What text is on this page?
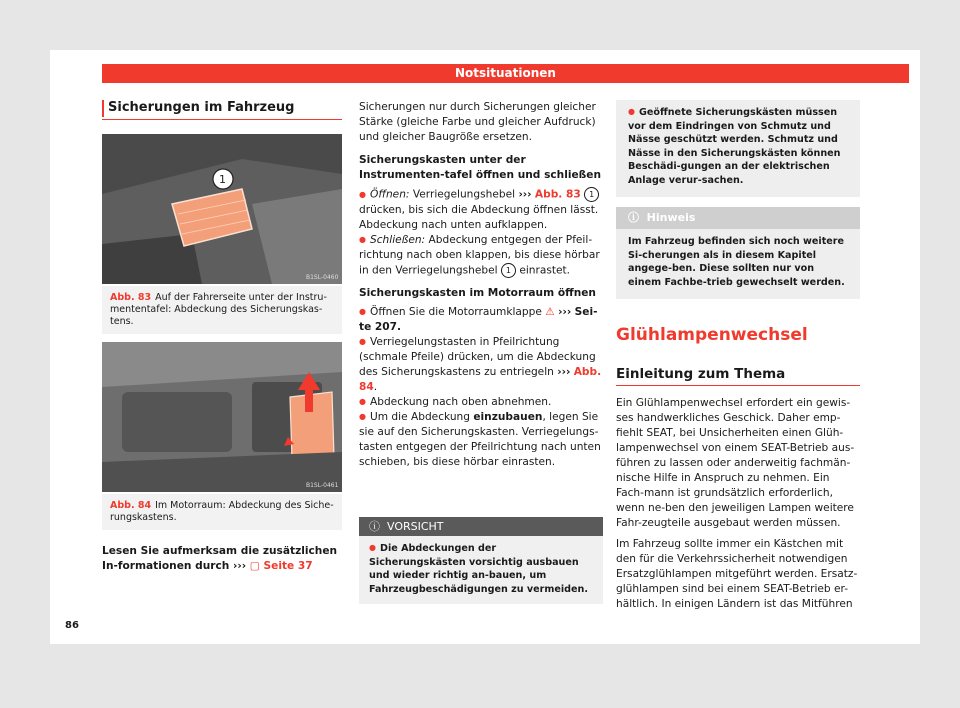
Notsituationen
Sicherungen im Fahrzeug
1
B1SL-0460
Abb. 83 Auf der Fahrerseite unter der Instru-mententafel: Abdeckung des Sicherungskas-tens.
B1SL-0461
Abb. 84 Im Motorraum: Abdeckung des Siche-rungskastens.
Lesen Sie aufmerksam die zusätzlichen In-formationen durch ››› ▢ Seite 37

Sicherungen nur durch Sicherungen gleicher Stärke (gleiche Farbe und gleicher Aufdruck) und gleicher Baugröße ersetzen.

Sicherungskasten unter der Instrumenten-tafel öffnen und schließen

● Öffnen: Verriegelungshebel ››› Abb. 83 1 drücken, bis sich die Abdeckung öffnen lässt. Abdeckung nach unten aufklappen.

● Schließen: Abdeckung entgegen der Pfeil-richtung nach oben klappen, bis diese hörbar in den Verriegelungshebel 1 einrastet.

Sicherungskasten im Motorraum öffnen

● Öffnen Sie die Motorraumklappe ⚠ ››› Sei-te 207.

● Verriegelungstasten in Pfeilrichtung (schmale Pfeile) drücken, um die Abdeckung des Sicherungskastens zu entriegeln ››› Abb. 84.

● Abdeckung nach oben abnehmen.

● Um die Abdeckung einzubauen, legen Sie sie auf den Sicherungskasten. Verriegelungs-tasten entgegen der Pfeilrichtung nach unten schieben, bis diese hörbar einrasten.

ⓘ VORSICHT
● Die Abdeckungen der Sicherungskästen vorsichtig ausbauen und wieder richtig an-bauen, um Fahrzeugbeschädigungen zu vermeiden.
● Geöffnete Sicherungskästen müssen vor dem Eindringen von Schmutz und Nässe geschützt werden. Schmutz und Nässe in den Sicherungskästen können Beschädi-gungen an der elektrischen Anlage verur-sachen.
ⓘ Hinweis
Im Fahrzeug befinden sich noch weitere Si-cherungen als in diesem Kapitel angege-ben. Diese sollten nur von einem Fachbe-trieb gewechselt werden.
Glühlampenwechsel
Einleitung zum Thema

Ein Glühlampenwechsel erfordert ein gewis-ses handwerkliches Geschick. Daher emp-fiehlt SEAT, bei Unsicherheiten einen Glüh-lampenwechsel von einem SEAT-Betrieb aus-führen zu lassen oder anderweitig fachmän-nische Hilfe in Anspruch zu nehmen. Ein Fach-mann ist grundsätzlich erforderlich, wenn ne-ben den jeweiligen Lampen weitere Fahr-zeugteile ausgebaut werden müssen.

Im Fahrzeug sollte immer ein Kästchen mit den für die Verkehrssicherheit notwendigen Ersatzglühlampen mitgeführt werden. Ersatz-glühlampen sind bei einem SEAT-Betrieb er-hältlich. In einigen Ländern ist das Mitführen

86
